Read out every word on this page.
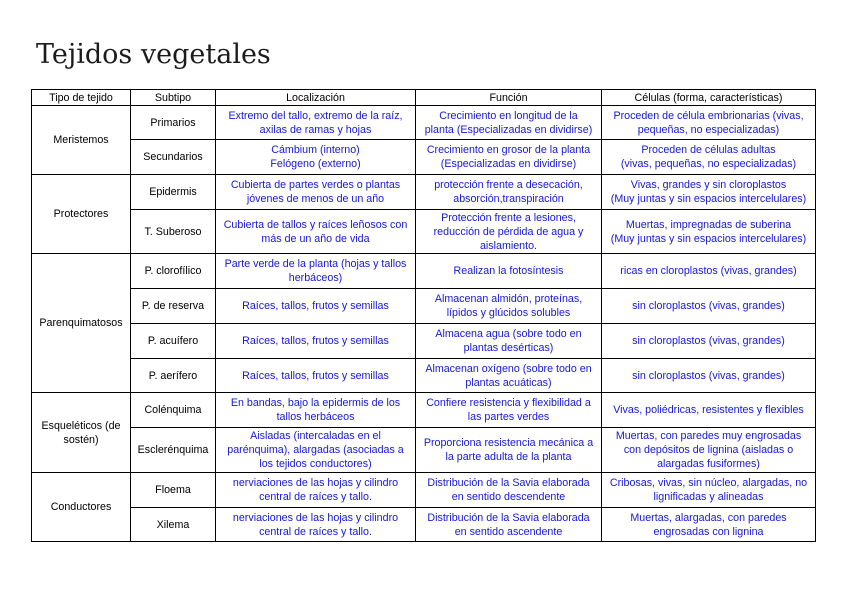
Tejidos vegetales
Tipo de tejido	Subtipo	Localización	Función	Células (forma, características)
Meristemos	Primarios	Extremo del tallo, extremo de la raíz,
axilas de ramas y hojas	Crecimiento en longitud de la
planta (Especializadas en dividirse)	Proceden de célula embrionarias (vivas,
pequeñas, no especializadas)
	Secundarios	Cámbium (interno)
Felógeno (externo)	Crecimiento en grosor de la planta
(Especializadas en dividirse)	Proceden de células adultas
(vivas, pequeñas, no especializadas)
Protectores	Epidermis	Cubierta de partes verdes o plantas
jóvenes de menos de un año	protección frente a desecación,
absorción,transpiración	Vivas, grandes y sin cloroplastos
(Muy juntas y sin espacios intercelulares)
	T. Suberoso	Cubierta de tallos y raíces leñosos con
más de un año de vida	Protección frente a lesiones,
reducción de pérdida de agua y
aislamiento.	Muertas, impregnadas de suberina
(Muy juntas y sin espacios intercelulares)
Parenquimatosos	P. clorofílico	Parte verde de la planta (hojas y tallos
herbáceos)	Realizan la fotosíntesis	ricas en cloroplastos (vivas, grandes)
	P. de reserva	Raíces, tallos, frutos y semillas	Almacenan almidón, proteínas,
lípidos y glúcidos solubles	sin cloroplastos (vivas, grandes)
	P. acuífero	Raíces, tallos, frutos y semillas	Almacena agua (sobre todo en
plantas desérticas)	sin cloroplastos (vivas, grandes)
	P. aerífero	Raíces, tallos, frutos y semillas	Almacenan oxígeno (sobre todo en
plantas acuáticas)	sin cloroplastos (vivas, grandes)
Esqueléticos (de
sostén)	Colénquima	En bandas, bajo la epidermis de los
tallos herbáceos	Confiere resistencia y flexibilidad a
las partes verdes	Vivas, poliédricas, resistentes y flexibles
	Esclerénquima	Aisladas (intercaladas en el
parénquima), alargadas (asociadas a
los tejidos conductores)	Proporciona resistencia mecánica a
la parte adulta de la planta	Muertas, con paredes muy engrosadas
con depósitos de lignina (aisladas o
alargadas fusiformes)
Conductores	Floema	nerviaciones de las hojas y cilindro
central de raíces y tallo.	Distribución de la Savia elaborada
en sentido descendente	Cribosas, vivas, sin núcleo, alargadas, no
lignificadas y alineadas
	Xilema	nerviaciones de las hojas y cilindro
central de raíces y tallo.	Distribución de la Savia elaborada
en sentido ascendente	Muertas, alargadas, con paredes
engrosadas con lignina
